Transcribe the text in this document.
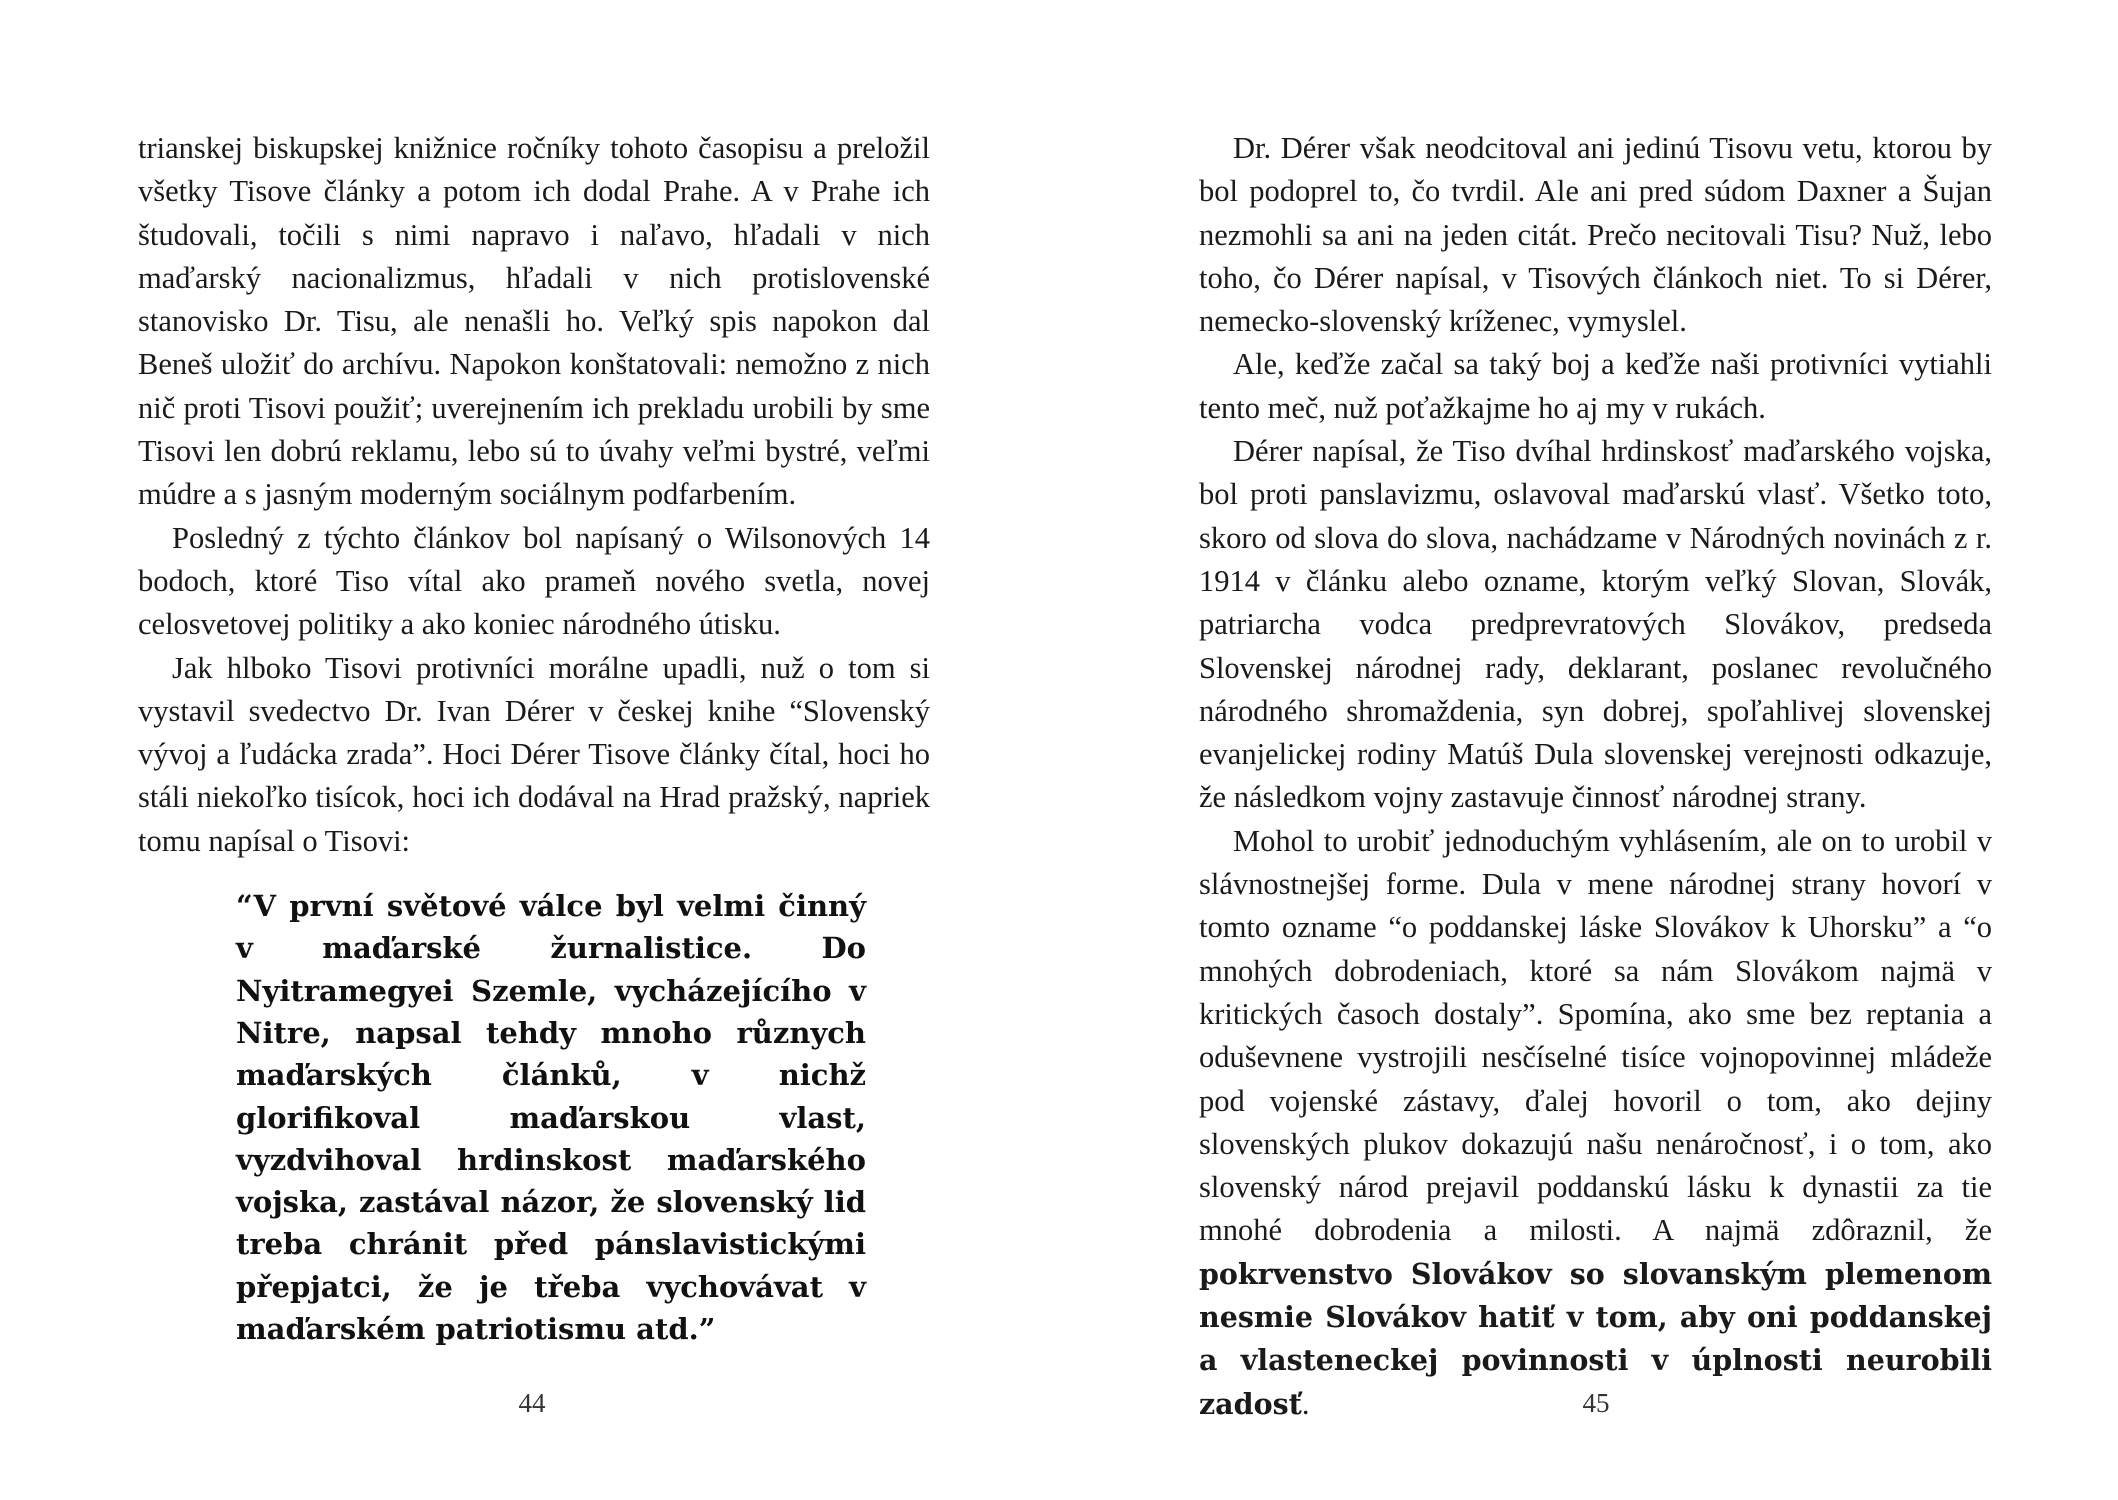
trianskej biskupskej knižnice ročníky tohoto časopisu a preložil všetky Tisove články a potom ich dodal Prahe. A v Prahe ich študovali, točili s nimi napravo i naľavo, hľadali v nich maďarský nacionalizmus, hľadali v nich protislovenské stanovisko Dr. Tisu, ale nenašli ho. Veľký spis napokon dal Beneš uložiť do archívu. Napokon konštatovali: nemožno z nich nič proti Tisovi použiť; uverejnením ich prekladu urobili by sme Tisovi len dobrú reklamu, lebo sú to úvahy veľmi bystré, veľmi múdre a s jasným moderným sociálnym podfarbením.

Posledný z týchto článkov bol napísaný o Wilsonových 14 bodoch, ktoré Tiso vítal ako prameň nového svetla, novej celosvetovej politiky a ako koniec národného útisku.

Jak hlboko Tisovi protivníci morálne upadli, nuž o tom si vystavil svedectvo Dr. Ivan Dérer v českej knihe “Slovenský vývoj a ľudácka zrada”. Hoci Dérer Tisove články čítal, hoci ho stáli niekoľko tisícok, hoci ich dodával na Hrad pražský, napriek tomu napísal o Tisovi:

“V první světové válce byl velmi činný v maďarské žurnalistice. Do Nyitramegyei Szemle, vycházejícího v Nitre, napsal tehdy mnoho různych maďarských článků, v nichž glorifikoval maďarskou vlast, vyzdvihoval hrdinskost maďarského vojska, zastával názor, že slovenský lid treba chránit před pánslavistickými přepjatci, že je třeba vychovávat v maďarském patriotismu atd.”
44

Dr. Dérer však neodcitoval ani jedinú Tisovu vetu, ktorou by bol podoprel to, čo tvrdil. Ale ani pred súdom Daxner a Šujan nezmohli sa ani na jeden citát. Prečo necitovali Tisu? Nuž, lebo toho, čo Dérer napísal, v Tisových článkoch niet. To si Dérer, nemecko-slovenský kríženec, vymyslel.

Ale, keďže začal sa taký boj a keďže naši protivníci vytiahli tento meč, nuž poťažkajme ho aj my v rukách.

Dérer napísal, že Tiso dvíhal hrdinskosť maďarského vojska, bol proti panslavizmu, oslavoval maďarskú vlasť. Všetko toto, skoro od slova do slova, nachádzame v Národných novinách z r. 1914 v článku alebo ozname, ktorým veľký Slovan, Slovák, patriarcha vodca predprevratových Slovákov, predseda Slovenskej národnej rady, deklarant, poslanec revolučného národného shromaždenia, syn dobrej, spoľahlivej slovenskej evanjelickej rodiny Matúš Dula slovenskej verejnosti odkazuje, že následkom vojny zastavuje činnosť národnej strany.

Mohol to urobiť jednoduchým vyhlásením, ale on to urobil v slávnostnejšej forme. Dula v mene národnej strany hovorí v tomto ozname “o poddanskej láske Slovákov k Uhorsku” a “o mnohých dobrodeniach, ktoré sa nám Slovákom najmä v kritických časoch dostaly”. Spomína, ako sme bez reptania a oduševnene vystrojili nesčíselné tisíce vojnopovinnej mládeže pod vojenské zástavy, ďalej hovoril o tom, ako dejiny slovenských plukov dokazujú našu nenáročnosť, i o tom, ako slovenský národ prejavil poddanskú lásku k dynastii za tie mnohé dobrodenia a milosti. A najmä zdôraznil, že pokrvenstvo Slovákov so slovanským plemenom nesmie Slovákov hatiť v tom, aby oni poddanskej a vlasteneckej povinnosti v úplnosti neurobili zadosť.	45
